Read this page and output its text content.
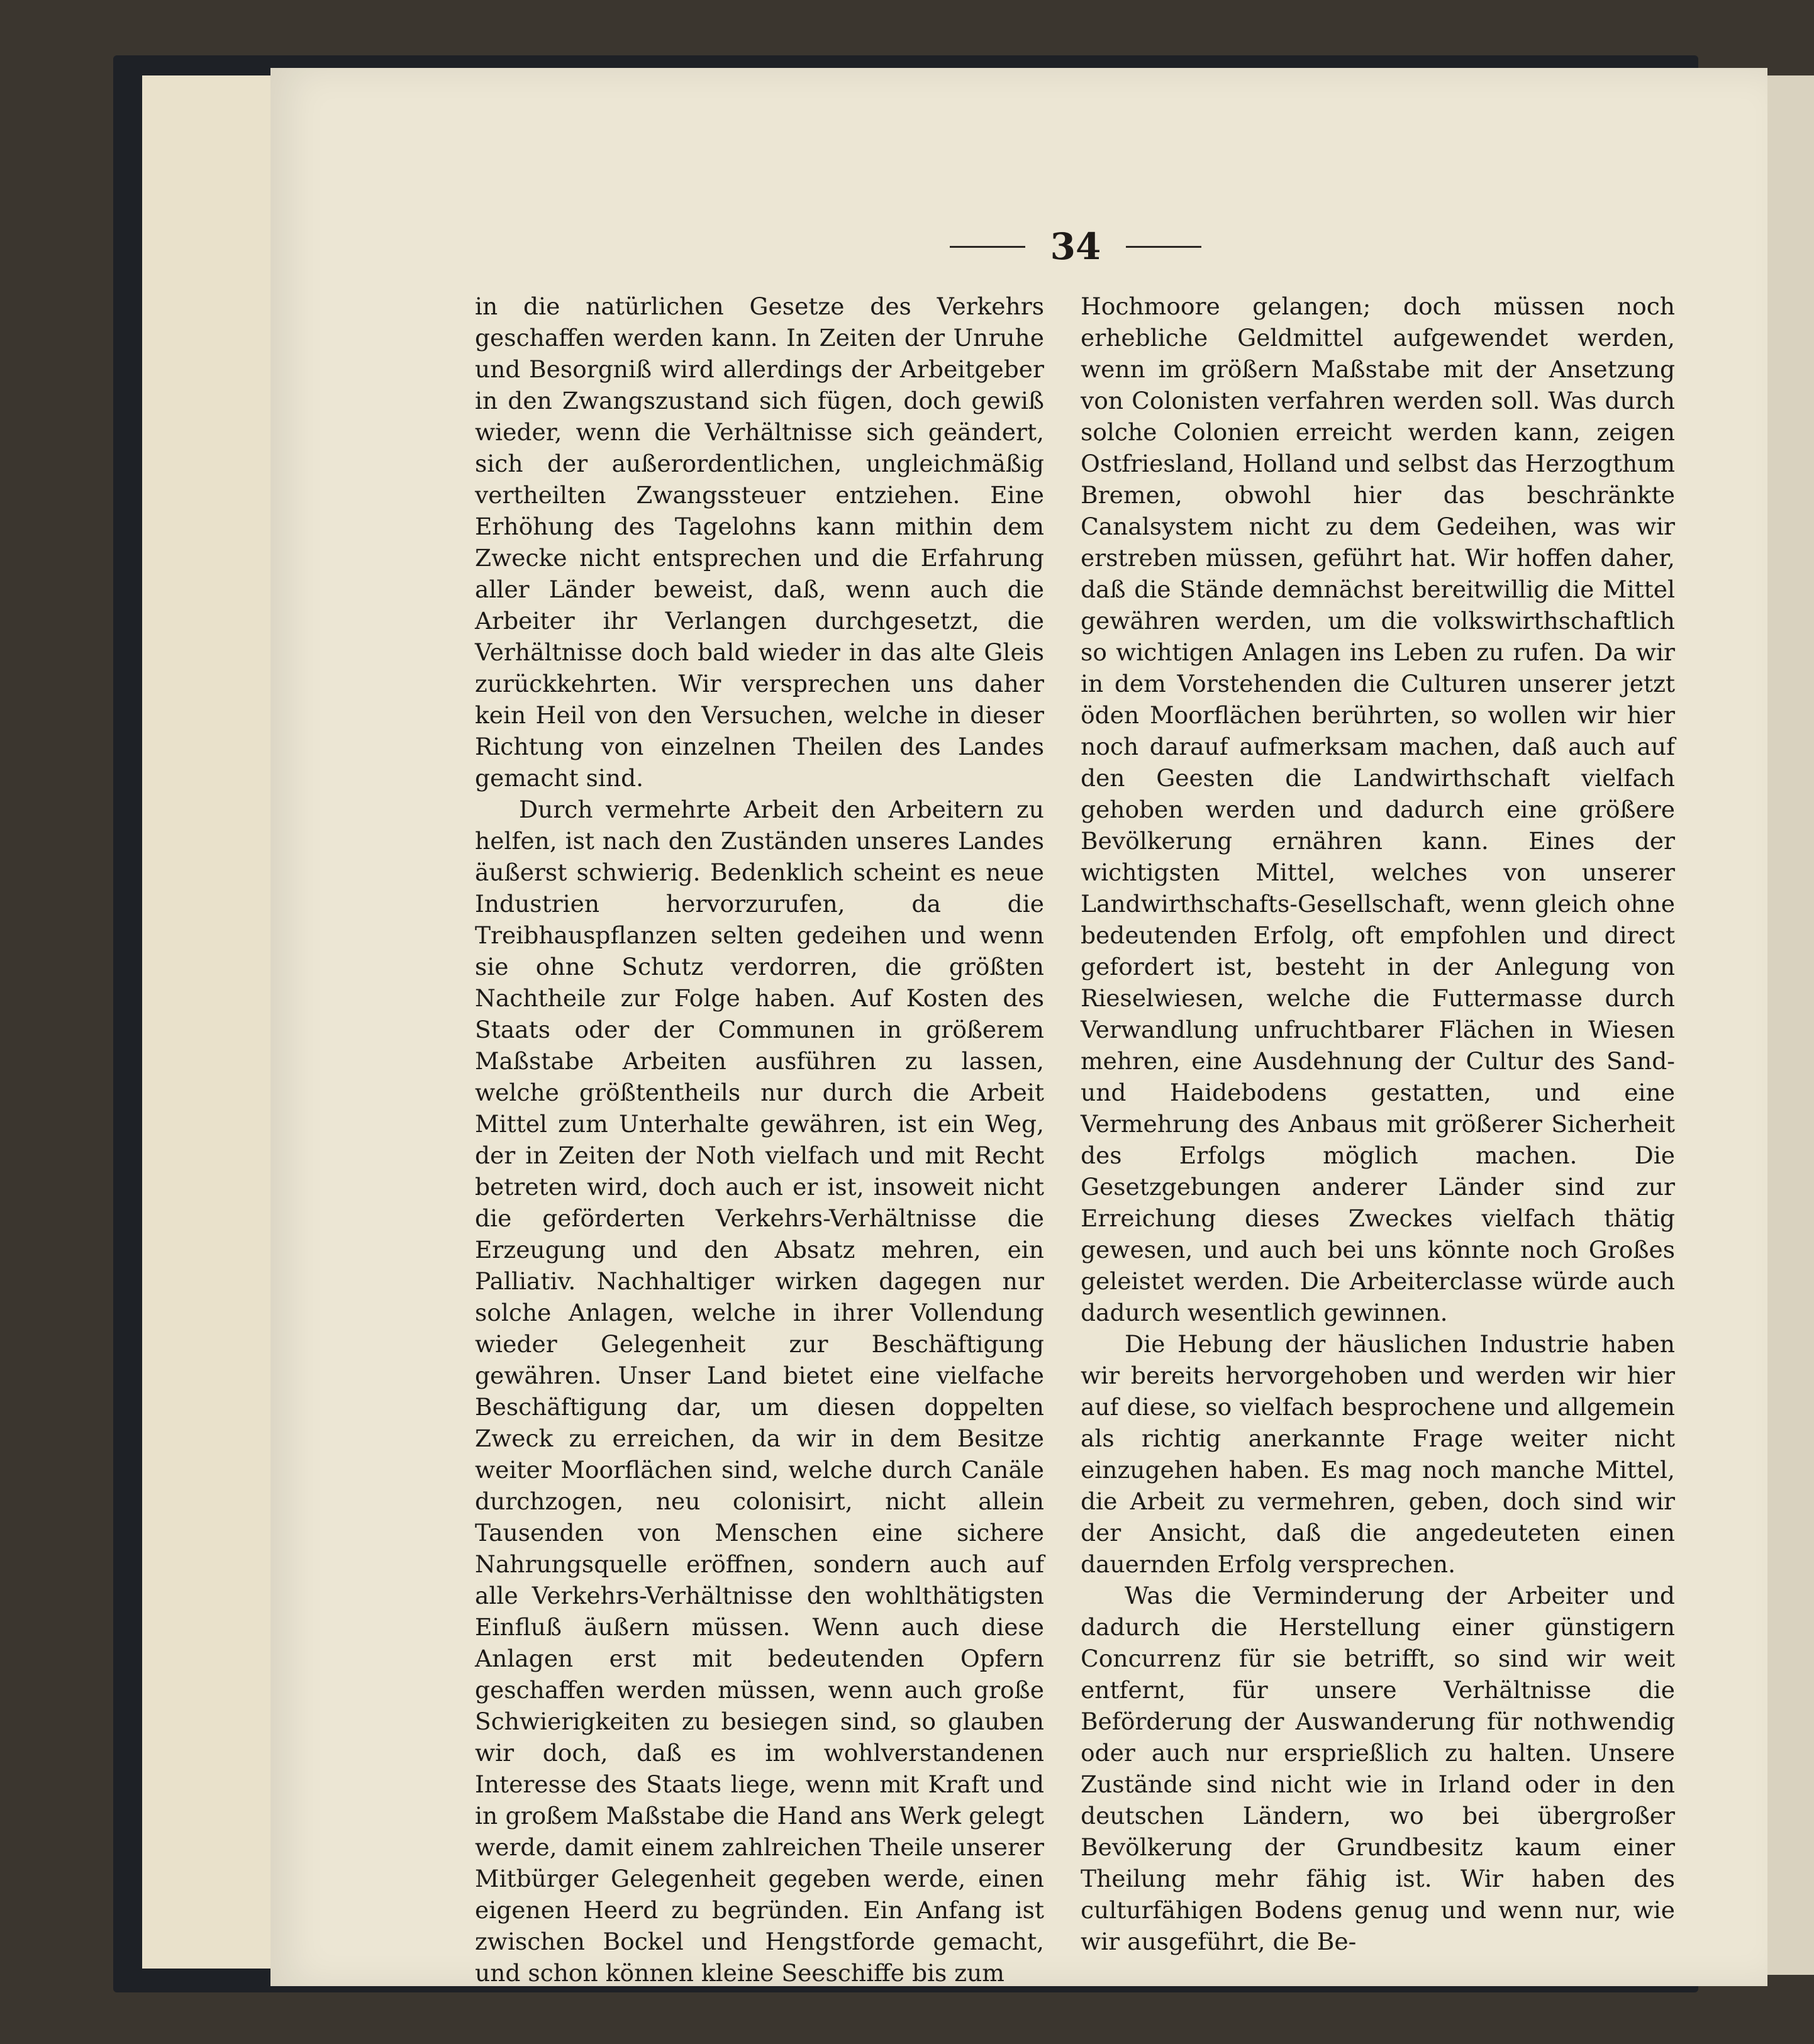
34

in die natürlichen Gesetze des Verkehrs geschaffen werden kann. In Zeiten der Unruhe und Besorgniß wird allerdings der Arbeitgeber in den Zwangszustand sich fügen, doch gewiß wieder, wenn die Verhältnisse sich geändert, sich der außerordentlichen, ungleichmäßig vertheilten Zwangssteuer entziehen. Eine Erhöhung des Tagelohns kann mithin dem Zwecke nicht entsprechen und die Erfahrung aller Länder beweist, daß, wenn auch die Arbeiter ihr Verlangen durchgesetzt, die Verhältnisse doch bald wieder in das alte Gleis zurückkehrten. Wir versprechen uns daher kein Heil von den Versuchen, welche in dieser Richtung von einzelnen Theilen des Landes gemacht sind.

Durch vermehrte Arbeit den Arbeitern zu helfen, ist nach den Zuständen unseres Landes äußerst schwierig. Bedenklich scheint es neue Industrien hervorzurufen, da die Treibhauspflanzen selten gedeihen und wenn sie ohne Schutz verdorren, die größten Nachtheile zur Folge haben. Auf Kosten des Staats oder der Communen in größerem Maßstabe Arbeiten ausführen zu lassen, welche größtentheils nur durch die Arbeit Mittel zum Unterhalte gewähren, ist ein Weg, der in Zeiten der Noth vielfach und mit Recht betreten wird, doch auch er ist, insoweit nicht die geförderten Verkehrs-Verhältnisse die Erzeugung und den Absatz mehren, ein Palliativ. Nachhaltiger wirken dagegen nur solche Anlagen, welche in ihrer Vollendung wieder Gelegenheit zur Beschäftigung gewähren. Unser Land bietet eine vielfache Beschäftigung dar, um diesen doppelten Zweck zu erreichen, da wir in dem Besitze weiter Moorflächen sind, welche durch Canäle durchzogen, neu colonisirt, nicht allein Tausenden von Menschen eine sichere Nahrungsquelle eröffnen, sondern auch auf alle Verkehrs-Verhältnisse den wohlthätigsten Einfluß äußern müssen. Wenn auch diese Anlagen erst mit bedeutenden Opfern geschaffen werden müssen, wenn auch große Schwierigkeiten zu besiegen sind, so glauben wir doch, daß es im wohlverstandenen Interesse des Staats liege, wenn mit Kraft und in großem Maßstabe die Hand ans Werk gelegt werde, damit einem zahlreichen Theile unserer Mitbürger Gelegenheit gegeben werde, einen eigenen Heerd zu begründen. Ein Anfang ist zwischen Bockel und Hengstforde gemacht, und schon können kleine Seeschiffe bis zum

Hochmoore gelangen; doch müssen noch erhebliche Geldmittel aufgewendet werden, wenn im größern Maßstabe mit der Ansetzung von Colonisten verfahren werden soll. Was durch solche Colonien erreicht werden kann, zeigen Ostfriesland, Holland und selbst das Herzogthum Bremen, obwohl hier das beschränkte Canalsystem nicht zu dem Gedeihen, was wir erstreben müssen, geführt hat. Wir hoffen daher, daß die Stände demnächst bereitwillig die Mittel gewähren werden, um die volkswirthschaftlich so wichtigen Anlagen ins Leben zu rufen. Da wir in dem Vorstehenden die Culturen unserer jetzt öden Moorflächen berührten, so wollen wir hier noch darauf aufmerksam machen, daß auch auf den Geesten die Landwirthschaft vielfach gehoben werden und dadurch eine größere Bevölkerung ernähren kann. Eines der wichtigsten Mittel, welches von unserer Landwirthschafts-Gesellschaft, wenn gleich ohne bedeutenden Erfolg, oft empfohlen und direct gefordert ist, besteht in der Anlegung von Rieselwiesen, welche die Futtermasse durch Verwandlung unfruchtbarer Flächen in Wiesen mehren, eine Ausdehnung der Cultur des Sand- und Haidebodens gestatten, und eine Vermehrung des Anbaus mit größerer Sicherheit des Erfolgs möglich machen. Die Gesetzgebungen anderer Länder sind zur Erreichung dieses Zweckes vielfach thätig gewesen, und auch bei uns könnte noch Großes geleistet werden. Die Arbeiterclasse würde auch dadurch wesentlich gewinnen.

Die Hebung der häuslichen Industrie haben wir bereits hervorgehoben und werden wir hier auf diese, so vielfach besprochene und allgemein als richtig anerkannte Frage weiter nicht einzugehen haben. Es mag noch manche Mittel, die Arbeit zu vermehren, geben, doch sind wir der Ansicht, daß die angedeuteten einen dauernden Erfolg versprechen.

Was die Verminderung der Arbeiter und dadurch die Herstellung einer günstigern Concurrenz für sie betrifft, so sind wir weit entfernt, für unsere Verhältnisse die Beförderung der Auswanderung für nothwendig oder auch nur ersprießlich zu halten. Unsere Zustände sind nicht wie in Irland oder in den deutschen Ländern, wo bei übergroßer Bevölkerung der Grundbesitz kaum einer Theilung mehr fähig ist. Wir haben des culturfähigen Bodens genug und wenn nur, wie wir ausgeführt, die Be-
